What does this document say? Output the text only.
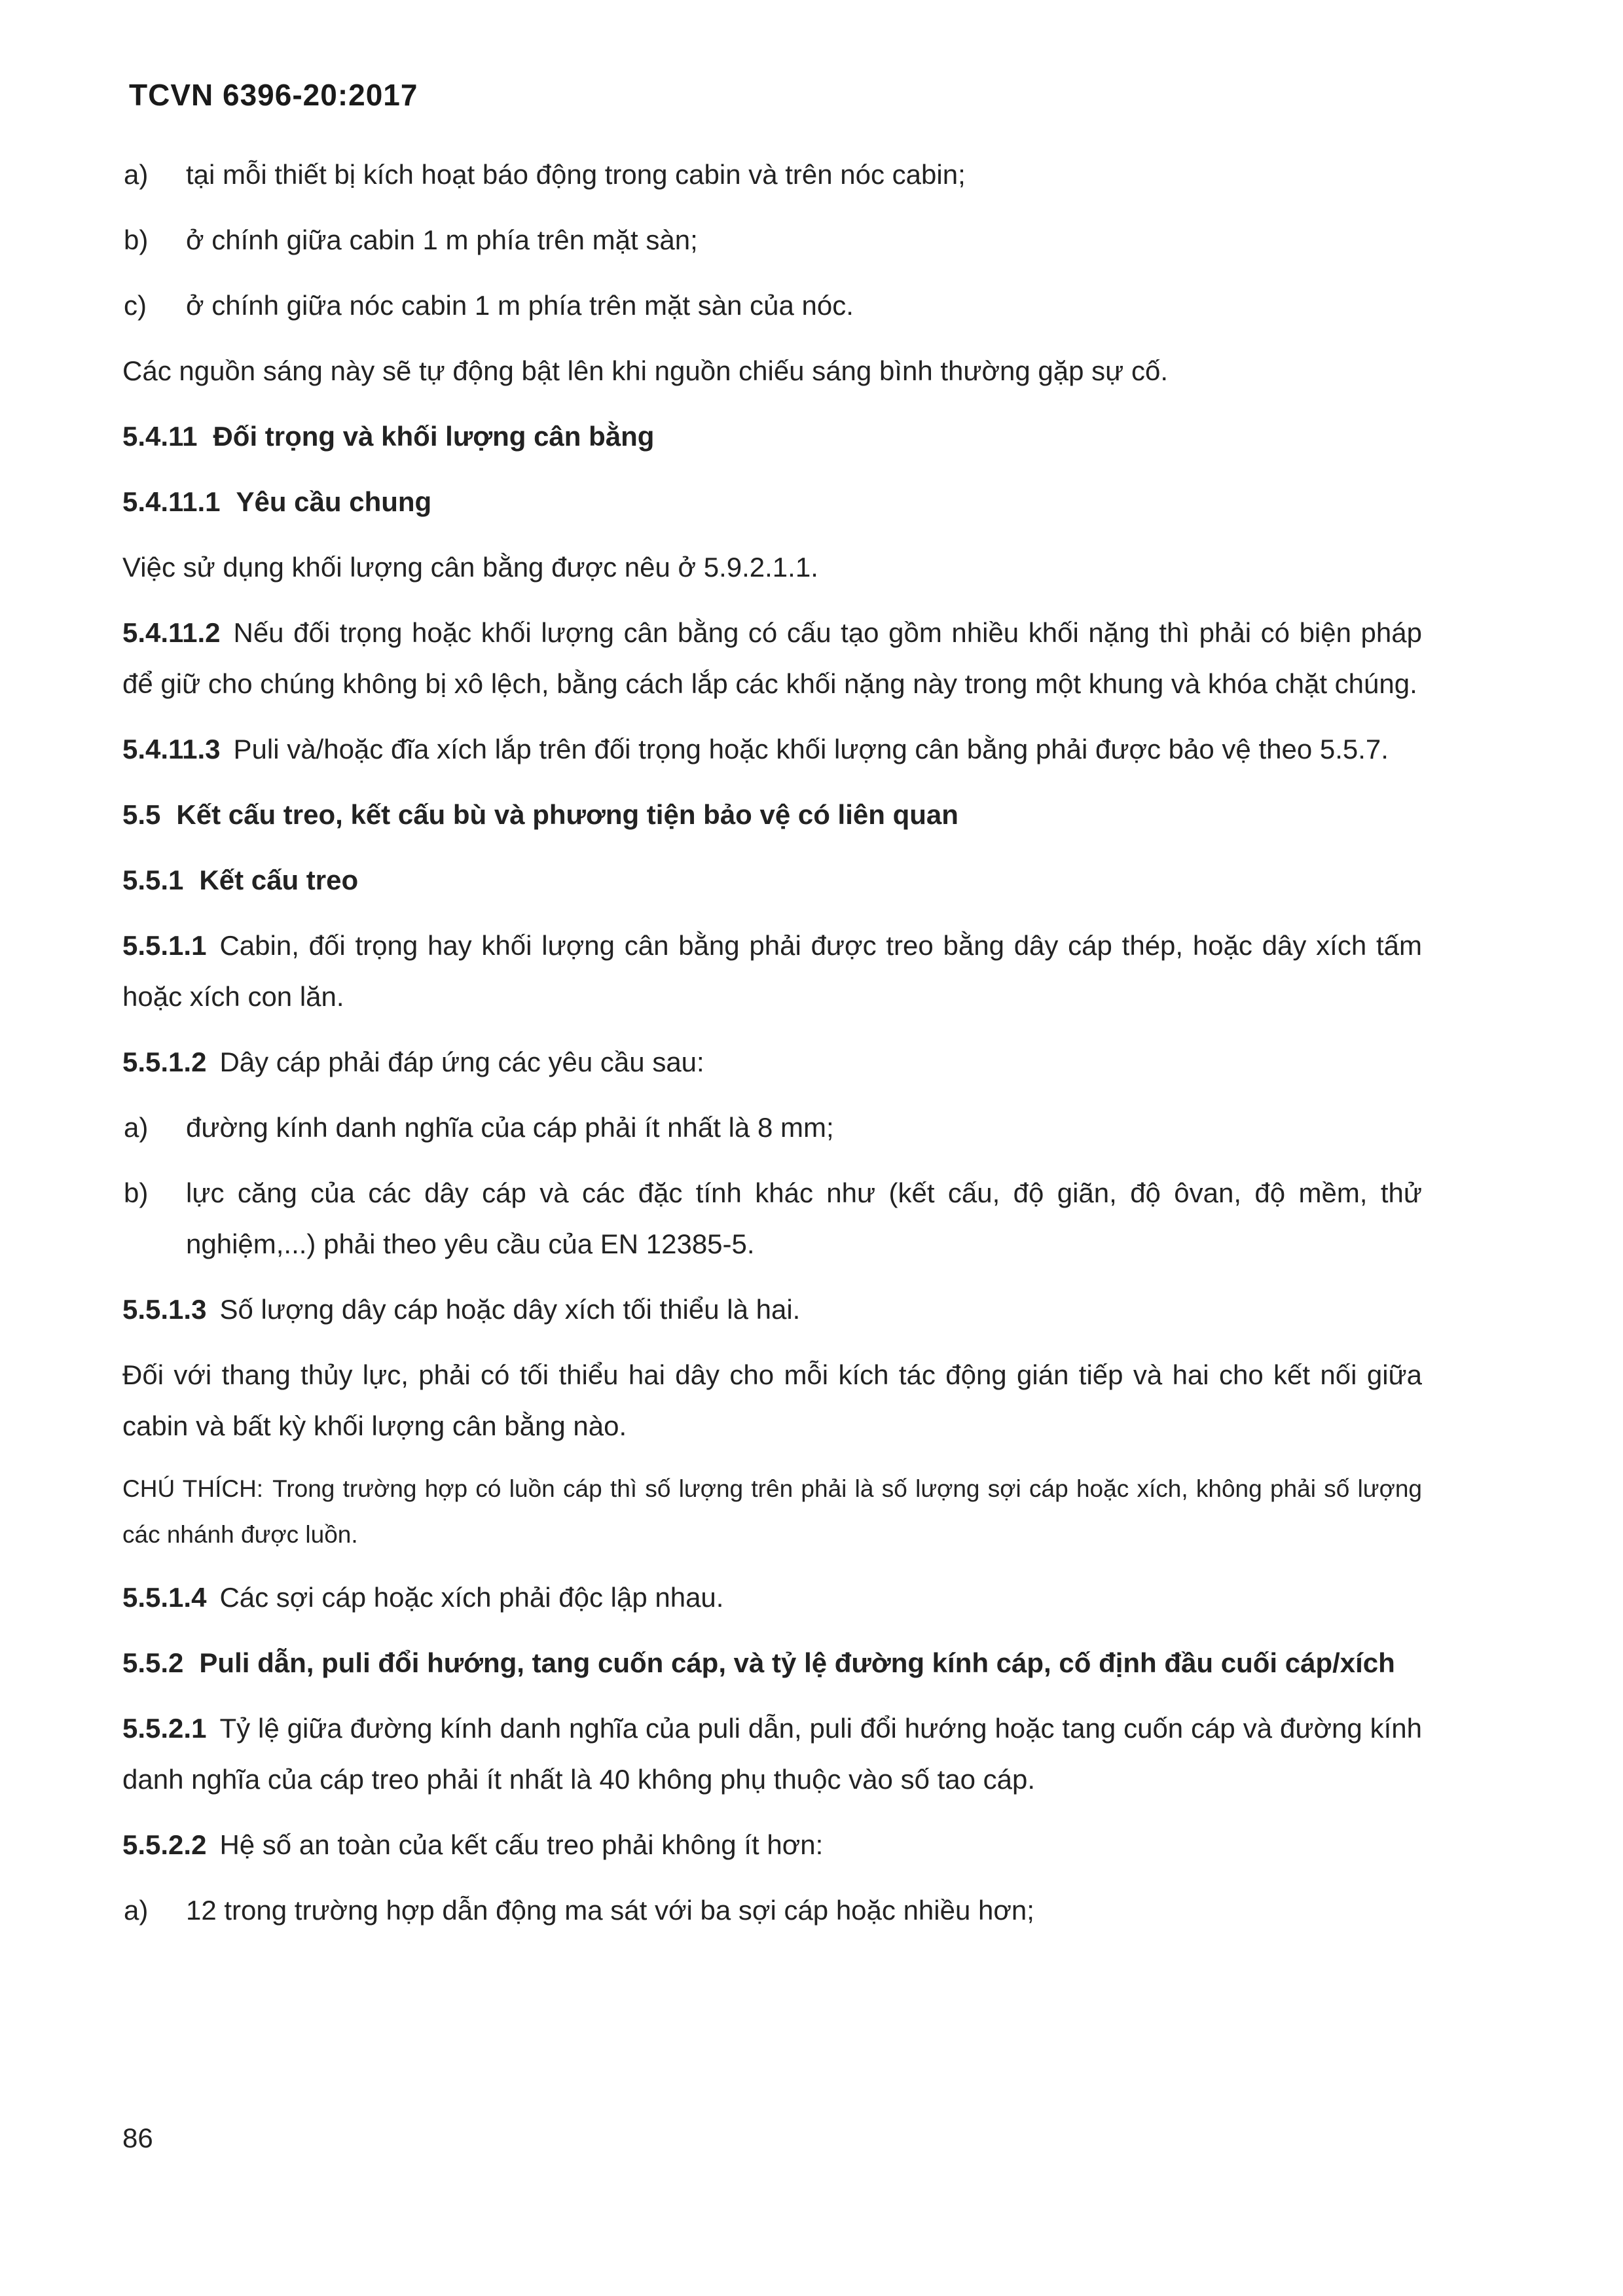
TCVN 6396-20:2017
a)	tại mỗi thiết bị kích hoạt báo động trong cabin và trên nóc cabin;
b)	ở chính giữa cabin 1 m phía trên mặt sàn;
c)	ở chính giữa nóc cabin 1 m phía trên mặt sàn của nóc.

Các nguồn sáng này sẽ tự động bật lên khi nguồn chiếu sáng bình thường gặp sự cố.

5.4.11 Đối trọng và khối lượng cân bằng
5.4.11.1 Yêu cầu chung

Việc sử dụng khối lượng cân bằng được nêu ở 5.9.2.1.1.

5.4.11.2 Nếu đối trọng hoặc khối lượng cân bằng có cấu tạo gồm nhiều khối nặng thì phải có biện pháp để giữ cho chúng không bị xô lệch, bằng cách lắp các khối nặng này trong một khung và khóa chặt chúng.

5.4.11.3 Puli và/hoặc đĩa xích lắp trên đối trọng hoặc khối lượng cân bằng phải được bảo vệ theo 5.5.7.

5.5 Kết cấu treo, kết cấu bù và phương tiện bảo vệ có liên quan
5.5.1 Kết cấu treo

5.5.1.1 Cabin, đối trọng hay khối lượng cân bằng phải được treo bằng dây cáp thép, hoặc dây xích tấm hoặc xích con lăn.

5.5.1.2 Dây cáp phải đáp ứng các yêu cầu sau:

a)	đường kính danh nghĩa của cáp phải ít nhất là 8 mm;
b)	lực căng của các dây cáp và các đặc tính khác như (kết cấu, độ giãn, độ ôvan, độ mềm, thử nghiệm,...) phải theo yêu cầu của EN 12385-5.

5.5.1.3 Số lượng dây cáp hoặc dây xích tối thiểu là hai.

Đối với thang thủy lực, phải có tối thiểu hai dây cho mỗi kích tác động gián tiếp và hai cho kết nối giữa cabin và bất kỳ khối lượng cân bằng nào.

CHÚ THÍCH: Trong trường hợp có luồn cáp thì số lượng trên phải là số lượng sợi cáp hoặc xích, không phải số lượng các nhánh được luồn.

5.5.1.4 Các sợi cáp hoặc xích phải độc lập nhau.

5.5.2 Puli dẫn, puli đổi hướng, tang cuốn cáp, và tỷ lệ đường kính cáp, cố định đầu cuối cáp/xích

5.5.2.1 Tỷ lệ giữa đường kính danh nghĩa của puli dẫn, puli đổi hướng hoặc tang cuốn cáp và đường kính danh nghĩa của cáp treo phải ít nhất là 40 không phụ thuộc vào số tao cáp.

5.5.2.2 Hệ số an toàn của kết cấu treo phải không ít hơn:

a)	12 trong trường hợp dẫn động ma sát với ba sợi cáp hoặc nhiều hơn;
86
